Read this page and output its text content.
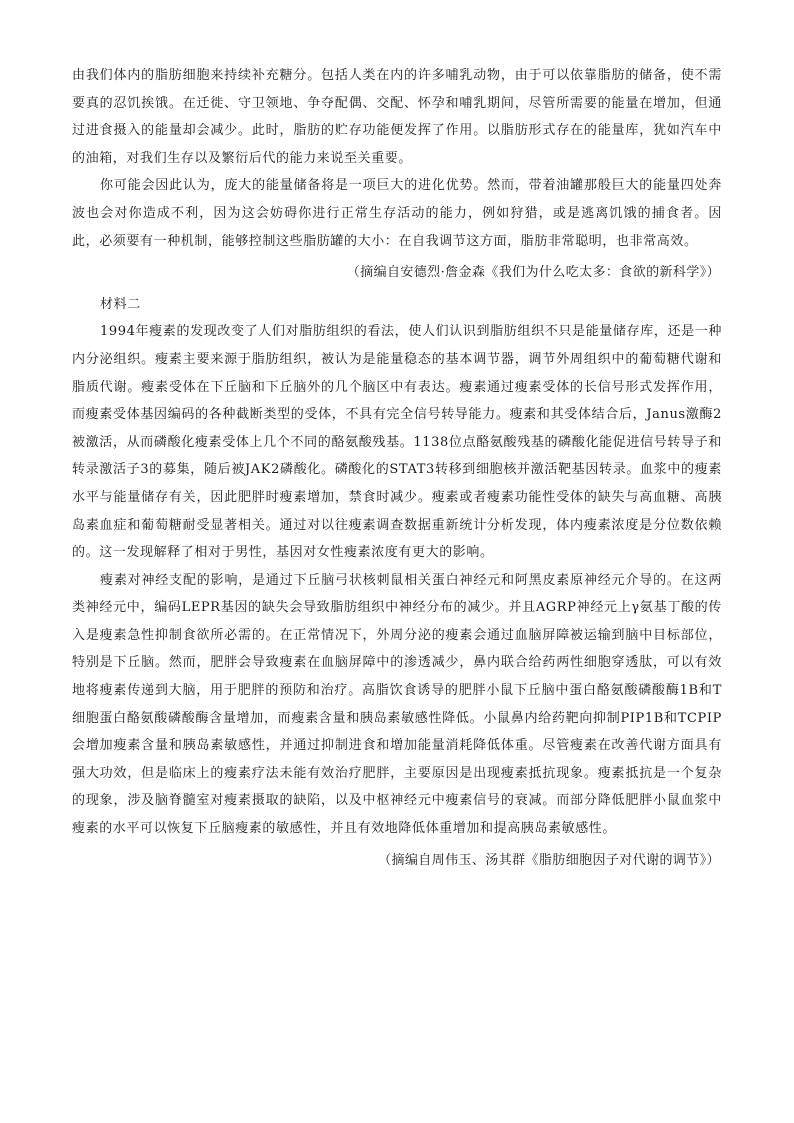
由我们体内的脂肪细胞来持续补充糖分。包括人类在内的许多哺乳动物，由于可以依靠脂肪的储备，使不需要真的忍饥挨饿。在迁徙、守卫领地、争夺配偶、交配、怀孕和哺乳期间，尽管所需要的能量在增加，但通过进食摄入的能量却会减少。此时，脂肪的贮存功能便发挥了作用。以脂肪形式存在的能量库，犹如汽车中的油箱，对我们生存以及繁衍后代的能力来说至关重要。

你可能会因此认为，庞大的能量储备将是一项巨大的进化优势。然而，带着油罐那般巨大的能量四处奔波也会对你造成不利，因为这会妨碍你进行正常生存活动的能力，例如狩猎，或是逃离饥饿的捕食者。因此，必须要有一种机制，能够控制这些脂肪罐的大小：在自我调节这方面，脂肪非常聪明，也非常高效。

（摘编自安德烈·詹金森《我们为什么吃太多：食欲的新科学》）

材料二

1994年瘦素的发现改变了人们对脂肪组织的看法，使人们认识到脂肪组织不只是能量储存库，还是一种内分泌组织。瘦素主要来源于脂肪组织，被认为是能量稳态的基本调节器，调节外周组织中的葡萄糖代谢和脂质代谢。瘦素受体在下丘脑和下丘脑外的几个脑区中有表达。瘦素通过瘦素受体的长信号形式发挥作用，而瘦素受体基因编码的各种截断类型的受体，不具有完全信号转导能力。瘦素和其受体结合后，Janus激酶2被激活，从而磷酸化瘦素受体上几个不同的酪氨酸残基。1138位点酪氨酸残基的磷酸化能促进信号转导子和转录激活子3的募集，随后被JAK2磷酸化。磷酸化的STAT3转移到细胞核并激活靶基因转录。血浆中的瘦素水平与能量储存有关，因此肥胖时瘦素增加，禁食时减少。瘦素或者瘦素功能性受体的缺失与高血糖、高胰岛素血症和葡萄糖耐受显著相关。通过对以往瘦素调查数据重新统计分析发现，体内瘦素浓度是分位数依赖的。这一发现解释了相对于男性，基因对女性瘦素浓度有更大的影响。

瘦素对神经支配的影响，是通过下丘脑弓状核刺鼠相关蛋白神经元和阿黑皮素原神经元介导的。在这两类神经元中，编码LEPR基因的缺失会导致脂肪组织中神经分布的减少。并且AGRP神经元上γ氨基丁酸的传入是瘦素急性抑制食欲所必需的。在正常情况下，外周分泌的瘦素会通过血脑屏障被运输到脑中目标部位，特别是下丘脑。然而，肥胖会导致瘦素在血脑屏障中的渗透减少，鼻内联合给药两性细胞穿透肽，可以有效地将瘦素传递到大脑，用于肥胖的预防和治疗。高脂饮食诱导的肥胖小鼠下丘脑中蛋白酪氨酸磷酸酶1B和T细胞蛋白酪氨酸磷酸酶含量增加，而瘦素含量和胰岛素敏感性降低。小鼠鼻内给药靶向抑制PIP1B和TCPIP会增加瘦素含量和胰岛素敏感性，并通过抑制进食和增加能量消耗降低体重。尽管瘦素在改善代谢方面具有强大功效，但是临床上的瘦素疗法未能有效治疗肥胖，主要原因是出现瘦素抵抗现象。瘦素抵抗是一个复杂的现象，涉及脑脊髓室对瘦素摄取的缺陷，以及中枢神经元中瘦素信号的衰减。而部分降低肥胖小鼠血浆中瘦素的水平可以恢复下丘脑瘦素的敏感性，并且有效地降低体重增加和提高胰岛素敏感性。

（摘编自周伟玉、汤其群《脂肪细胞因子对代谢的调节》）
